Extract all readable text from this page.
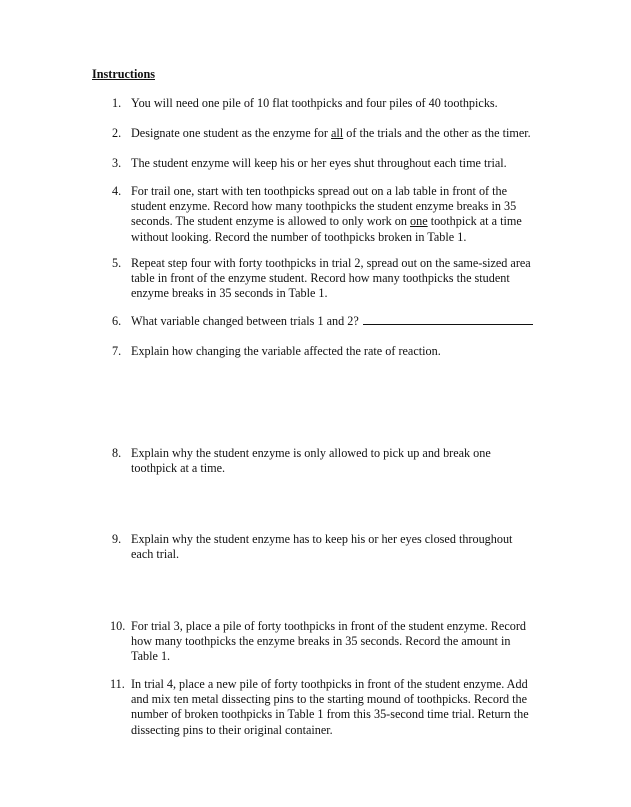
Instructions
1. You will need one pile of 10 flat toothpicks and four piles of 40 toothpicks.
2. Designate one student as the enzyme for all of the trials and the other as the timer.
3. The student enzyme will keep his or her eyes shut throughout each time trial.
4. For trail one, start with ten toothpicks spread out on a lab table in front of the
student enzyme. Record how many toothpicks the student enzyme breaks in 35
seconds. The student enzyme is allowed to only work on one toothpick at a time
without looking. Record the number of toothpicks broken in Table 1.
5. Repeat step four with forty toothpicks in trial 2, spread out on the same-sized area
table in front of the enzyme student. Record how many toothpicks the student
enzyme breaks in 35 seconds in Table 1.
6. What variable changed between trials 1 and 2?
7. Explain how changing the variable affected the rate of reaction.
8. Explain why the student enzyme is only allowed to pick up and break one
toothpick at a time.
9. Explain why the student enzyme has to keep his or her eyes closed throughout
each trial.
10. For trial 3, place a pile of forty toothpicks in front of the student enzyme. Record
how many toothpicks the enzyme breaks in 35 seconds. Record the amount in
Table 1.
11. In trial 4, place a new pile of forty toothpicks in front of the student enzyme. Add
and mix ten metal dissecting pins to the starting mound of toothpicks. Record the
number of broken toothpicks in Table 1 from this 35-second time trial. Return the
dissecting pins to their original container.
